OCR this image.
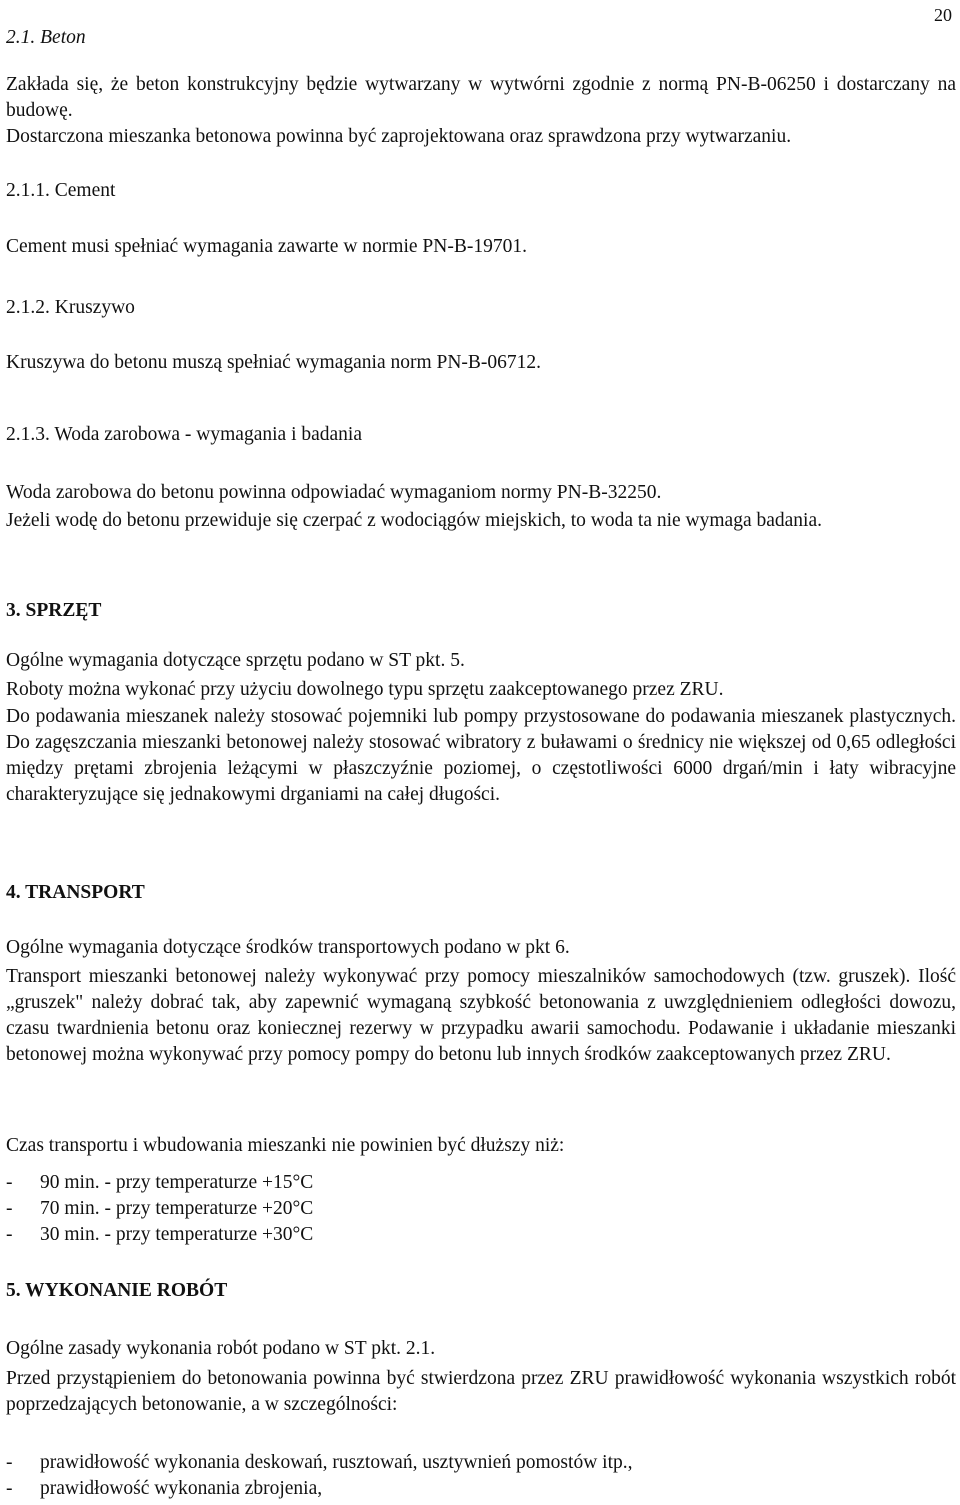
20
2.1. Beton

Zakłada się, że beton konstrukcyjny będzie wytwarzany w wytwórni zgodnie z normą PN-B-06250 i dostarczany na budowę.

Dostarczona mieszanka betonowa powinna być zaprojektowana oraz sprawdzona przy wytwarzaniu.

2.1.1. Cement

Cement musi spełniać wymagania zawarte w normie PN-B-19701.

2.1.2. Kruszywo

Kruszywa do betonu muszą spełniać wymagania norm PN-B-06712.

2.1.3. Woda zarobowa - wymagania i badania

Woda zarobowa do betonu powinna odpowiadać wymaganiom normy PN-B-32250.

Jeżeli wodę do betonu przewiduje się czerpać z wodociągów miejskich, to woda ta nie wymaga badania.

3. SPRZĘT

Ogólne wymagania dotyczące sprzętu podano w ST pkt. 5.

Roboty można wykonać przy użyciu dowolnego typu sprzętu zaakceptowanego przez ZRU.

Do podawania mieszanek należy stosować pojemniki lub pompy przystosowane do podawania mieszanek plastycznych. Do zagęszczania mieszanki betonowej należy stosować wibratory z buławami o średnicy nie większej od 0,65 odległości między prętami zbrojenia leżącymi w płaszczyźnie poziomej, o częstotliwości 6000 drgań/min i łaty wibracyjne charakteryzujące się jednakowymi drganiami na całej długości.

4. TRANSPORT

Ogólne wymagania dotyczące środków transportowych podano w pkt 6.

Transport mieszanki betonowej należy wykonywać przy pomocy mieszalników samochodowych (tzw. gruszek). Ilość „gruszek" należy dobrać tak, aby zapewnić wymaganą szybkość betonowania z uwzględnieniem odległości dowozu, czasu twardnienia betonu oraz koniecznej rezerwy w przypadku awarii samochodu. Podawanie i układanie mieszanki betonowej można wykonywać przy pomocy pompy do betonu lub innych środków zaakceptowanych przez ZRU.

Czas transportu i wbudowania mieszanki nie powinien być dłuższy niż:

- 90 min. - przy temperaturze +15°C
- 70 min. - przy temperaturze +20°C
- 30 min. - przy temperaturze +30°C
5. WYKONANIE ROBÓT

Ogólne zasady wykonania robót podano w ST pkt. 2.1.

Przed przystąpieniem do betonowania powinna być stwierdzona przez ZRU prawidłowość wykonania wszystkich robót poprzedzających betonowanie, a w szczególności:

- prawidłowość wykonania deskowań, rusztowań, usztywnień pomostów itp.,
- prawidłowość wykonania zbrojenia,
